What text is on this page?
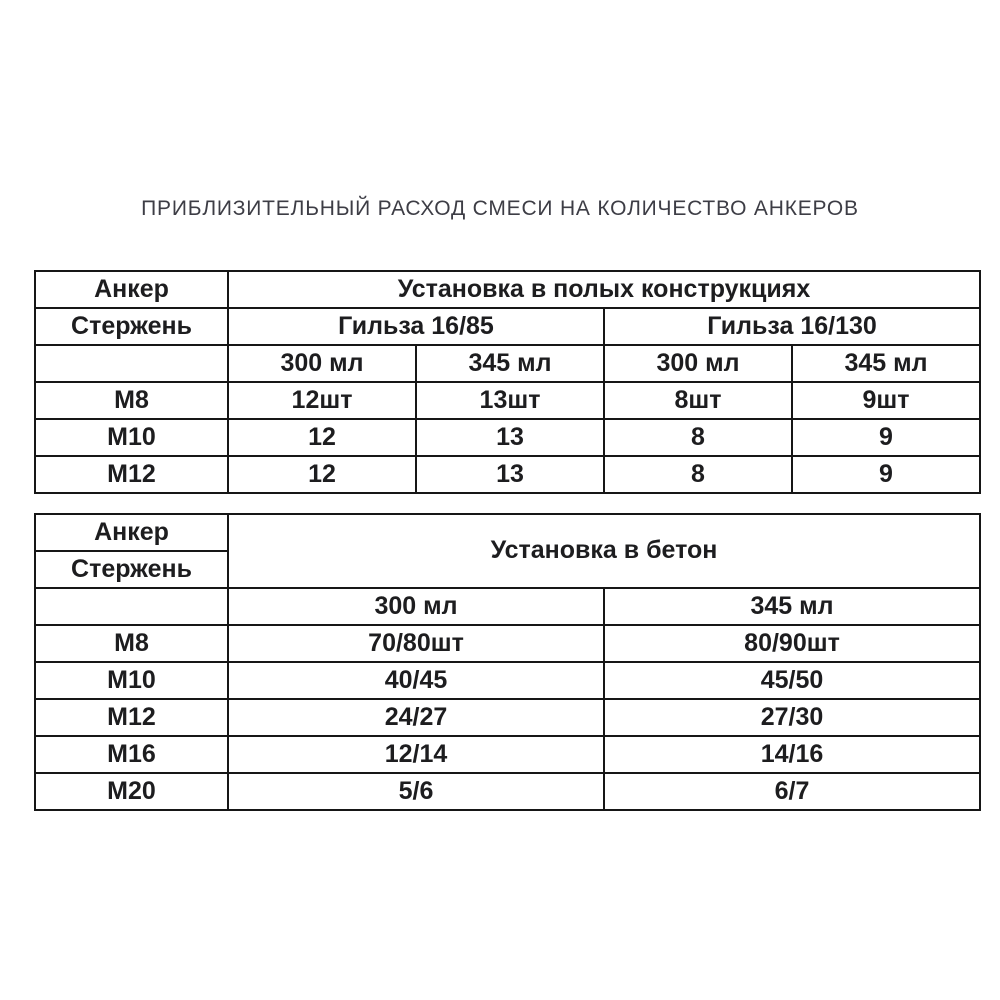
ПРИБЛИЗИТЕЛЬНЫЙ РАСХОД СМЕСИ НА КОЛИЧЕСТВО АНКЕРОВ
Анкер	Установка в полых конструкциях			
Стержень	Гильза 16/85		Гильза 16/130	
	300 мл	345 мл	300 мл	345 мл
М8	12шт	13шт	8шт	9шт
М10	12	13	8	9
М12	12	13	8	9
Анкер	Установка в бетон	
Стержень		
	300 мл	345 мл
М8	70/80шт	80/90шт
М10	40/45	45/50
М12	24/27	27/30
М16	12/14	14/16
М20	5/6	6/7
